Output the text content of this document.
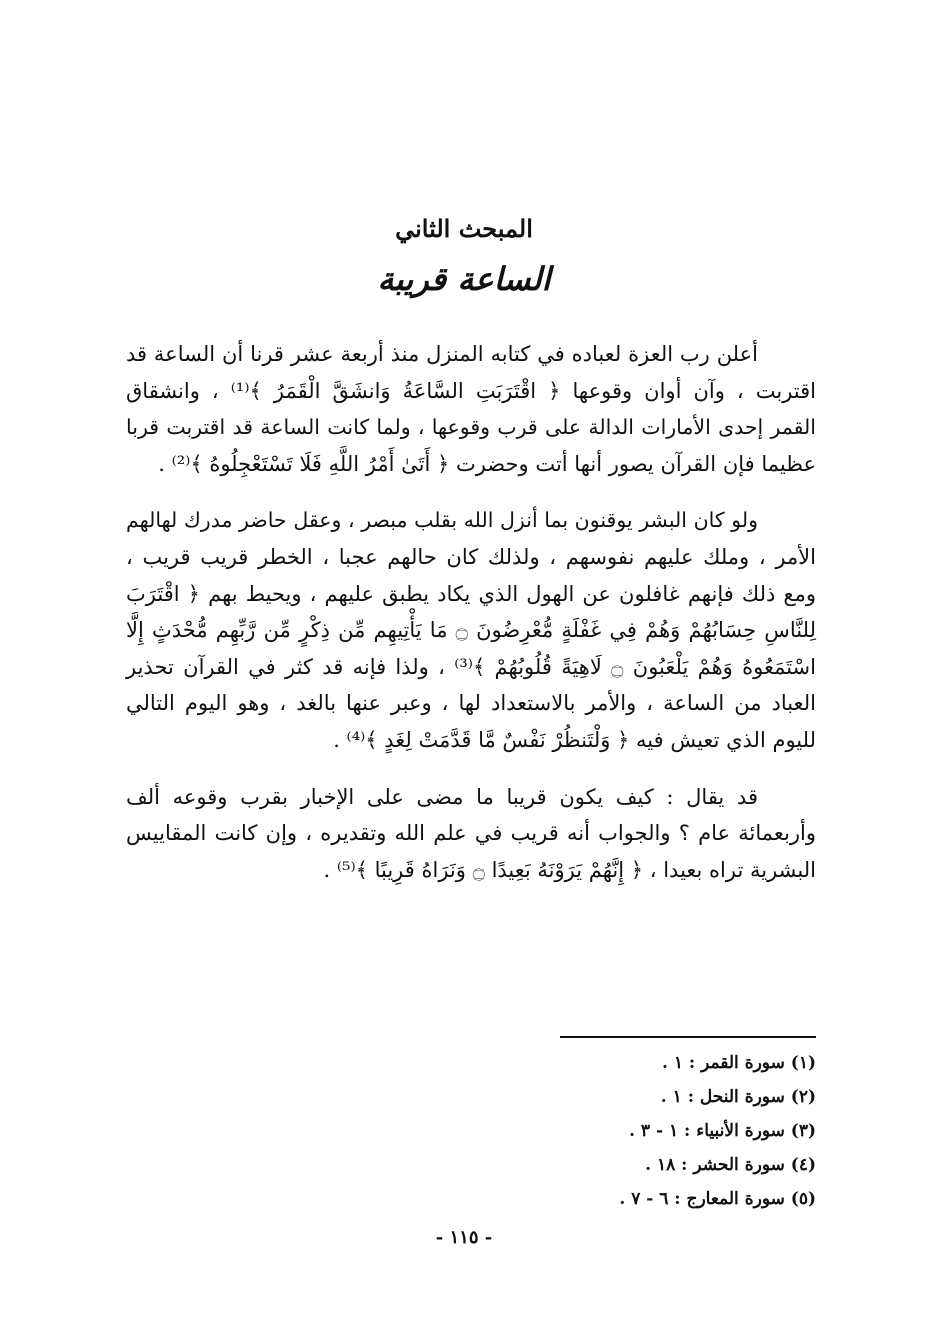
المبحث الثاني
الساعة قريبة

أعلن رب العزة لعباده في كتابه المنزل منذ أربعة عشر قرنا أن الساعة قد
اقتربت ، وآن أوان وقوعها ﴿ اقْتَرَبَتِ السَّاعَةُ وَانشَقَّ الْقَمَرُ ﴾⁽¹⁾ ، وانشقاق
القمر إحدى الأمارات الدالة على قرب وقوعها ، ولما كانت الساعة قد اقتربت قربا
عظيما فإن القرآن يصور أنها أتت وحضرت ﴿ أَتَىٰ أَمْرُ اللَّهِ فَلَا تَسْتَعْجِلُوهُ ﴾⁽²⁾ .

ولو كان البشر يوقنون بما أنزل الله بقلب مبصر ، وعقل حاضر مدرك لهالهم
الأمر ، وملك عليهم نفوسهم ، ولذلك كان حالهم عجبا ، الخطر قريب قريب ،
ومع ذلك فإنهم غافلون عن الهول الذي يكاد يطبق عليهم ، ويحيط بهم ﴿ اقْتَرَبَ
لِلنَّاسِ حِسَابُهُمْ وَهُمْ فِي غَفْلَةٍ مُّعْرِضُونَ ۝ مَا يَأْتِيهِم مِّن ذِكْرٍ مِّن رَّبِّهِم مُّحْدَثٍ إِلَّا
اسْتَمَعُوهُ وَهُمْ يَلْعَبُونَ ۝ لَاهِيَةً قُلُوبُهُمْ ﴾⁽³⁾ ، ولذا فإنه قد كثر في القرآن تحذير
العباد من الساعة ، والأمر بالاستعداد لها ، وعبر عنها بالغد ، وهو اليوم التالي
لليوم الذي تعيش فيه ﴿ وَلْتَنظُرْ نَفْسٌ مَّا قَدَّمَتْ لِغَدٍ ﴾⁽⁴⁾ .

قد يقال : كيف يكون قريبا ما مضى على الإخبار بقرب وقوعه ألف
وأربعمائة عام ؟ والجواب أنه قريب في علم الله وتقديره ، وإن كانت المقاييس
البشرية تراه بعيدا ، ﴿ إِنَّهُمْ يَرَوْنَهُ بَعِيدًا ۝ وَنَرَاهُ قَرِيبًا ﴾⁽⁵⁾ .

(١) سورة القمر : ١ .
(٢) سورة النحل : ١ .
(٣) سورة الأنبياء : ١ - ٣ .
(٤) سورة الحشر : ١٨ .
(٥) سورة المعارج : ٦ - ٧ .
- ١١٥ -
